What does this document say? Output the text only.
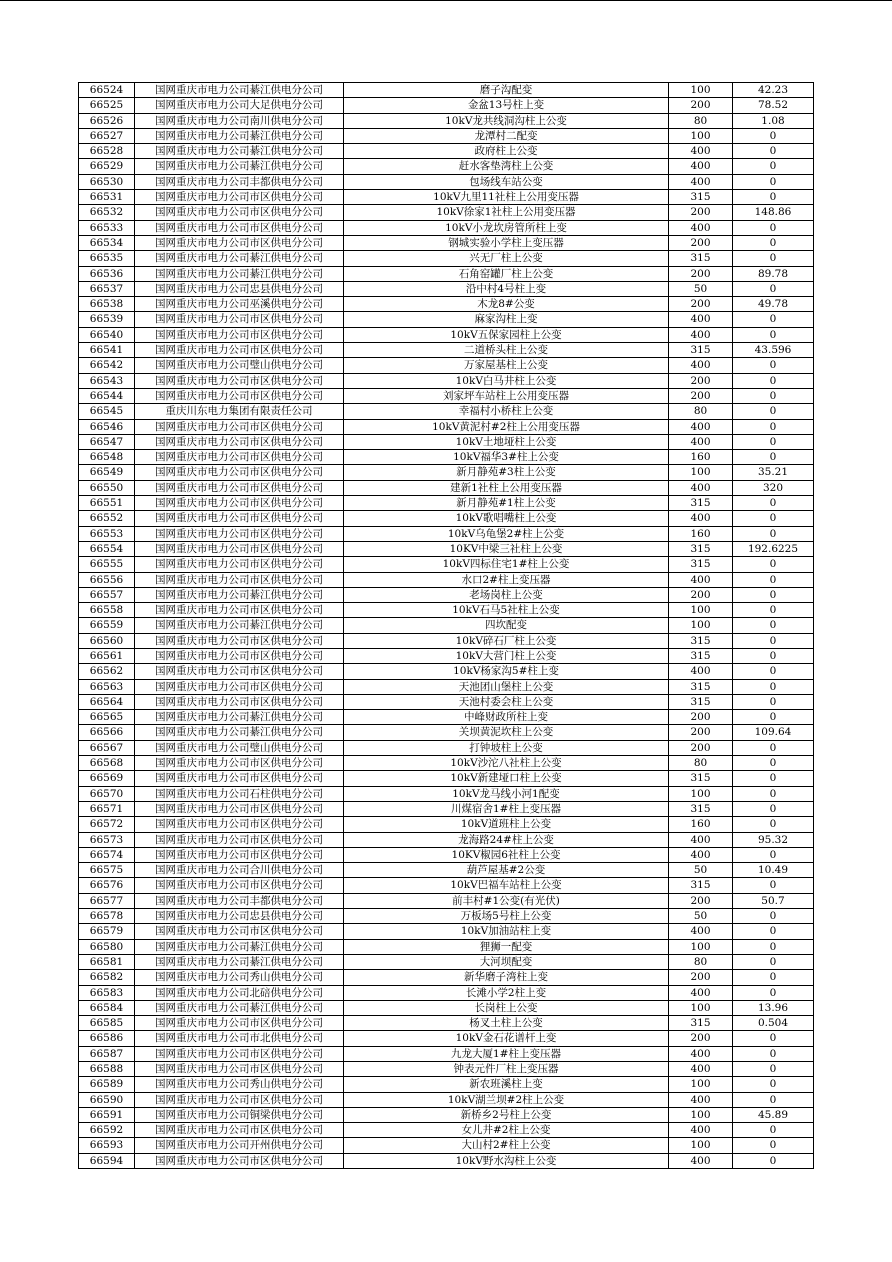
66524	国网重庆市电力公司綦江供电分公司	磨子沟配变	100	42.23
66525	国网重庆市电力公司大足供电分公司	金盆13号柱上变	200	78.52
66526	国网重庆市电力公司南川供电分公司	10kV龙共线洞沟柱上公变	80	1.08
66527	国网重庆市电力公司綦江供电分公司	龙潭村二配变	100	0
66528	国网重庆市电力公司綦江供电分公司	政府柱上公变	400	0
66529	国网重庆市电力公司綦江供电分公司	赶水客垫湾柱上公变	400	0
66530	国网重庆市电力公司丰都供电分公司	包场线车站公变	400	0
66531	国网重庆市电力公司市区供电分公司	10kV九里11社柱上公用变压器	315	0
66532	国网重庆市电力公司市区供电分公司	10kV徐家1社柱上公用变压器	200	148.86
66533	国网重庆市电力公司市区供电分公司	10kV小龙坎房管所柱上变	400	0
66534	国网重庆市电力公司市区供电分公司	钢城实验小学柱上变压器	200	0
66535	国网重庆市电力公司綦江供电分公司	兴无厂柱上公变	315	0
66536	国网重庆市电力公司綦江供电分公司	石角窑罐厂柱上公变	200	89.78
66537	国网重庆市电力公司忠县供电分公司	沿中村4号柱上变	50	0
66538	国网重庆市电力公司巫溪供电分公司	木龙8#公变	200	49.78
66539	国网重庆市电力公司市区供电分公司	麻家沟柱上变	400	0
66540	国网重庆市电力公司市区供电分公司	10kV五保家园柱上公变	400	0
66541	国网重庆市电力公司市区供电分公司	二道桥头柱上公变	315	43.596
66542	国网重庆市电力公司璧山供电分公司	万家屋基柱上公变	400	0
66543	国网重庆市电力公司市区供电分公司	10kV白马井柱上公变	200	0
66544	国网重庆市电力公司市区供电分公司	刘家坪车站柱上公用变压器	200	0
66545	重庆川东电力集团有限责任公司	幸福村小桥柱上公变	80	0
66546	国网重庆市电力公司市区供电分公司	10kV黄泥村#2柱上公用变压器	400	0
66547	国网重庆市电力公司市区供电分公司	10kV土地垭柱上公变	400	0
66548	国网重庆市电力公司市区供电分公司	10kV福华3#柱上公变	160	0
66549	国网重庆市电力公司市区供电分公司	新月静苑#3柱上公变	100	35.21
66550	国网重庆市电力公司市区供电分公司	建新1社柱上公用变压器	400	320
66551	国网重庆市电力公司市区供电分公司	新月静苑#1柱上公变	315	0
66552	国网重庆市电力公司市区供电分公司	10kV歌唱嘴柱上公变	400	0
66553	国网重庆市电力公司市区供电分公司	10kV乌龟堡2#柱上公变	160	0
66554	国网重庆市电力公司市区供电分公司	10KV中梁三社柱上公变	315	192.6225
66555	国网重庆市电力公司市区供电分公司	10kV四标住宅1#柱上公变	315	0
66556	国网重庆市电力公司市区供电分公司	水口2#柱上变压器	400	0
66557	国网重庆市电力公司綦江供电分公司	老场岗柱上公变	200	0
66558	国网重庆市电力公司市区供电分公司	10kV石马5社柱上公变	100	0
66559	国网重庆市电力公司綦江供电分公司	四坎配变	100	0
66560	国网重庆市电力公司市区供电分公司	10kV碎石厂柱上公变	315	0
66561	国网重庆市电力公司市区供电分公司	10kV大营门柱上公变	315	0
66562	国网重庆市电力公司市区供电分公司	10kV杨家沟5#柱上变	400	0
66563	国网重庆市电力公司市区供电分公司	天池团山堡柱上公变	315	0
66564	国网重庆市电力公司市区供电分公司	天池村委会柱上公变	315	0
66565	国网重庆市电力公司綦江供电分公司	中峰财政所柱上变	200	0
66566	国网重庆市电力公司綦江供电分公司	关坝黄泥坎柱上公变	200	109.64
66567	国网重庆市电力公司璧山供电分公司	打钟坡柱上公变	200	0
66568	国网重庆市电力公司市区供电分公司	10kV沙沱八社柱上公变	80	0
66569	国网重庆市电力公司市区供电分公司	10kV新建垭口柱上公变	315	0
66570	国网重庆市电力公司石柱供电分公司	10kV龙马线小河1配变	100	0
66571	国网重庆市电力公司市区供电分公司	川煤宿舍1#柱上变压器	315	0
66572	国网重庆市电力公司市区供电分公司	10kV道班柱上公变	160	0
66573	国网重庆市电力公司市区供电分公司	龙海路24#柱上公变	400	95.32
66574	国网重庆市电力公司市区供电分公司	10KV椒园6社柱上公变	400	0
66575	国网重庆市电力公司合川供电分公司	葫芦屋基#2公变	50	10.49
66576	国网重庆市电力公司市区供电分公司	10kV巴福车站柱上公变	315	0
66577	国网重庆市电力公司丰都供电分公司	前丰村#1公变(有光伏)	200	50.7
66578	国网重庆市电力公司忠县供电分公司	万板场5号柱上公变	50	0
66579	国网重庆市电力公司市区供电分公司	10kV加油站柱上变	400	0
66580	国网重庆市电力公司綦江供电分公司	狸狮一配变	100	0
66581	国网重庆市电力公司綦江供电分公司	大河坝配变	80	0
66582	国网重庆市电力公司秀山供电分公司	新华磨子湾柱上变	200	0
66583	国网重庆市电力公司北碚供电分公司	长滩小学2柱上变	400	0
66584	国网重庆市电力公司綦江供电分公司	长岗柱上公变	100	13.96
66585	国网重庆市电力公司市区供电分公司	杨叉土柱上公变	315	0.504
66586	国网重庆市电力公司市北供电分公司	10kV金石花谱杆上变	200	0
66587	国网重庆市电力公司市区供电分公司	九龙大厦1#柱上变压器	400	0
66588	国网重庆市电力公司市区供电分公司	钟表元件厂柱上变压器	400	0
66589	国网重庆市电力公司秀山供电分公司	新农班溪柱上变	100	0
66590	国网重庆市电力公司市区供电分公司	10kV湖兰坝#2柱上公变	400	0
66591	国网重庆市电力公司铜梁供电分公司	新桥乡2号柱上公变	100	45.89
66592	国网重庆市电力公司市区供电分公司	女儿井#2柱上公变	400	0
66593	国网重庆市电力公司开州供电分公司	大山村2#柱上公变	100	0
66594	国网重庆市电力公司市区供电分公司	10kV野水沟柱上公变	400	0
